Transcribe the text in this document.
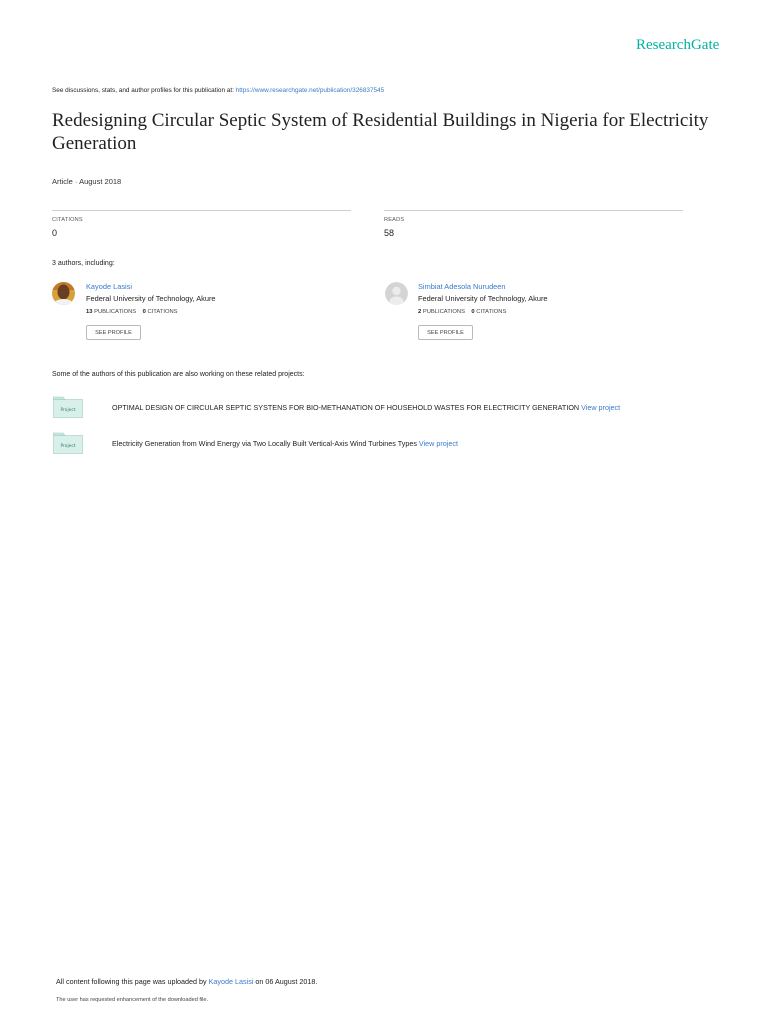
ResearchGate
See discussions, stats, and author profiles for this publication at: https://www.researchgate.net/publication/326837545
Redesigning Circular Septic System of Residential Buildings in Nigeria for Electricity Generation
Article · August 2018
CITATIONS
0
READS
58
3 authors, including:
Kayode Lasisi
Federal University of Technology, Akure
13 PUBLICATIONS 0 CITATIONS
SEE PROFILE
Simbiat Adesola Nurudeen
Federal University of Technology, Akure
2 PUBLICATIONS 0 CITATIONS
SEE PROFILE
Some of the authors of this publication are also working on these related projects:
Project	OPTIMAL DESIGN OF CIRCULAR SEPTIC SYSTENS FOR BIO-METHANATION OF HOUSEHOLD WASTES FOR ELECTRICITY GENERATION View project
Project	Electricity Generation from Wind Energy via Two Locally Built Vertical-Axis Wind Turbines Types View project
All content following this page was uploaded by Kayode Lasisi on 06 August 2018.
The user has requested enhancement of the downloaded file.
